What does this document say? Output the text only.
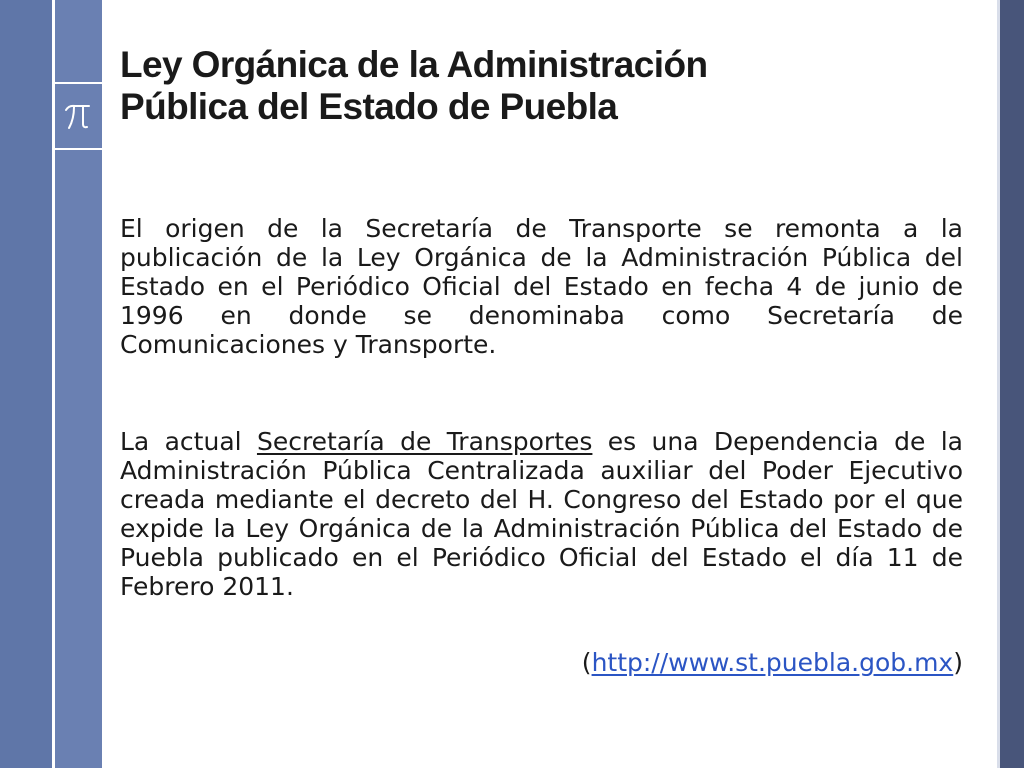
Ley Orgánica de la Administración
Pública del Estado de Puebla

El origen de la Secretaría de Transporte se remonta a la publicación de la Ley Orgánica de la Administración Pública del Estado en el Periódico Oficial del Estado en fecha 4 de junio de 1996 en donde se denominaba como Secretaría de Comunicaciones y Transporte.

La actual Secretaría de Transportes es una Dependencia de la Administración Pública Centralizada auxiliar del Poder Ejecutivo creada mediante el decreto del H. Congreso del Estado por el que expide la Ley Orgánica de la Administración Pública del Estado de Puebla publicado en el Periódico Oficial del Estado el día 11 de Febrero 2011.

(http://www.st.puebla.gob.mx)
